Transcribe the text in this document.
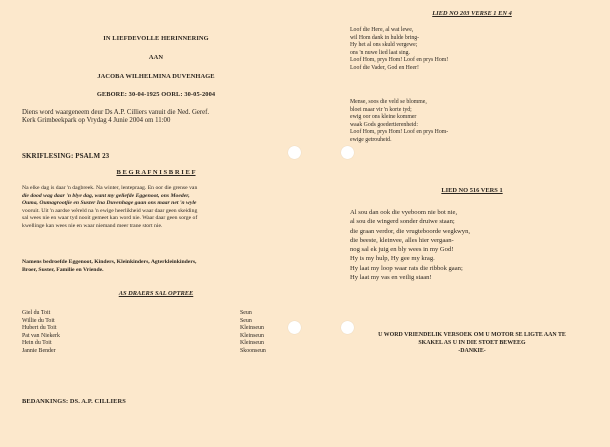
IN LIEFDEVOLLE HERINNERING

AAN

JACOBA WILHELMINA DUVENHAGE

GEBORE: 30-04-1925 OORL: 30-05-2004

Diens word waargeneem deur Ds A.P. Cilliers vanuit die Ned. Geref.

Kerk Grimbeekpark op Vrydag 4 Junie 2004 om 11:00

SKRIFLESING: PSALM 23

B E G R A F N I S B R I E F

Na elke dag is daar 'n dagbreek. Na winter, lentepraag. En oor die grense van

die dood wag daar 'n blye dag, want my geliefde Eggenoot, ons Moeder,

Ouma, Oumagrootjie en Suster Ina Duvenhage gaan ons maar net 'n wyle

vooruit. Uit 'n aardse wêreld na 'n ewige heerlikheid waar daar geen skeiding

sal wees nie en waar tyd nooit gemeet kan word nie. Waar daar geen sorge of

kwellinge kan wees nie en waar niemand meer trane stort nie.

Namens bedroefde Eggenoot, Kinders, Kleinkinders, Agterkleinkinders,

Broer, Suster, Familie en Vriende.

AS DRAERS SAL OPTREE

Giel du Toit	Seun
Willie du Toit	Seun
Hubert du Toit	Kleinseun
Pat van Niekerk	Kleinseun
Hein du Toit	Kleinseun
Jannie Bender	Skoonseun

BEDANKINGS: DS. A.P. CILLIERS

LIED NO 203 VERSE 1 EN 4

Loof die Here, al wat lewe,

wil Hom dank in hulde bring-

Hy het al ons skuld vergewe;

ons 'n nuwe lied laat sing.

Loof Hom, prys Hom! Loof en prys Hom!

Loof die Vader, God en Heer!

Mense, soos die veld se blomme,

bloei maar vir 'n korte tyd;

ewig oor ons kleine kommer

waak Gods goedertierenheid:

Loof Hom, prys Hom! Loof en prys Hom-

ewige getrouheid.

LIED NO 516 VERS 1

Al sou dan ook die vyeboom nie bot nie,

al sou die wingerd sonder druiwe staan;

die graan verdor, die vrugteboorde wegkwyn,

die beeste, kleinvee, alles hier vergaan-

nog sal ek juig en bly wees in my God!

Hy is my hulp, Hy gee my krag.

Hy laat my loop waar rats die ribbok gaan;

Hy laat my vas en veilig staan!

U WORD VRIENDELIK VERSOEK OM U MOTOR SE LIGTE AAN TE

SKAKEL AS U IN DIE STOET BEWEEG

-DANKIE-
